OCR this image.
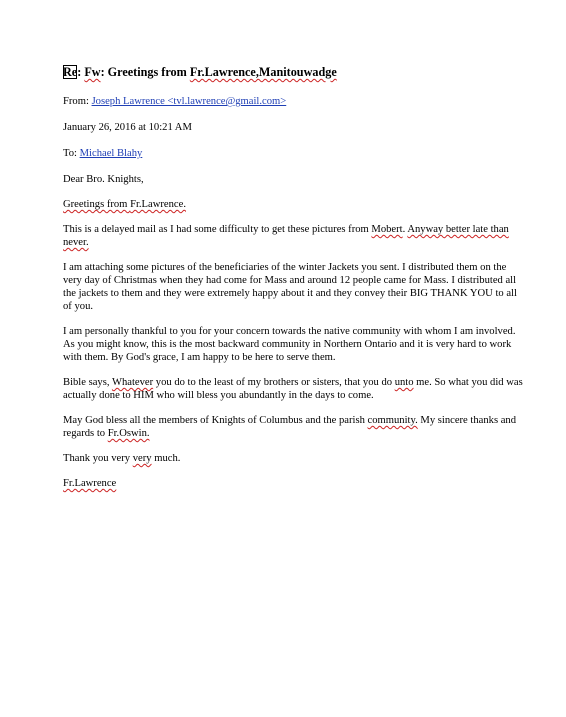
Re: Fw: Greetings from Fr.Lawrence,Manitouwadge
From: Joseph Lawrence <tvl.lawrence@gmail.com>
January 26, 2016 at 10:21 AM
To: Michael Blahy

Dear Bro. Knights,

Greetings from Fr.Lawrence.

This is a delayed mail as I had some difficulty to get these pictures from Mobert. Anyway better late than never.

I am attaching some pictures of the beneficiaries of the winter Jackets you sent. I distributed them on the very day of Christmas when they had come for Mass and around 12 people came for Mass. I distributed all the jackets to them and they were extremely happy about it and they convey their BIG THANK YOU to all of you.

I am personally thankful to you for your concern towards the native community with whom I am involved. As you might know, this is the most backward community in Northern Ontario and it is very hard to work with them. By God's grace, I am happy to be here to serve them.

Bible says, Whatever you do to the least of my brothers or sisters, that you do unto me. So what you did was actually done to HIM who will bless you abundantly in the days to come.

May God bless all the members of Knights of Columbus and the parish community. My sincere thanks and regards to Fr.Oswin.

Thank you very very much.

Fr.Lawrence
